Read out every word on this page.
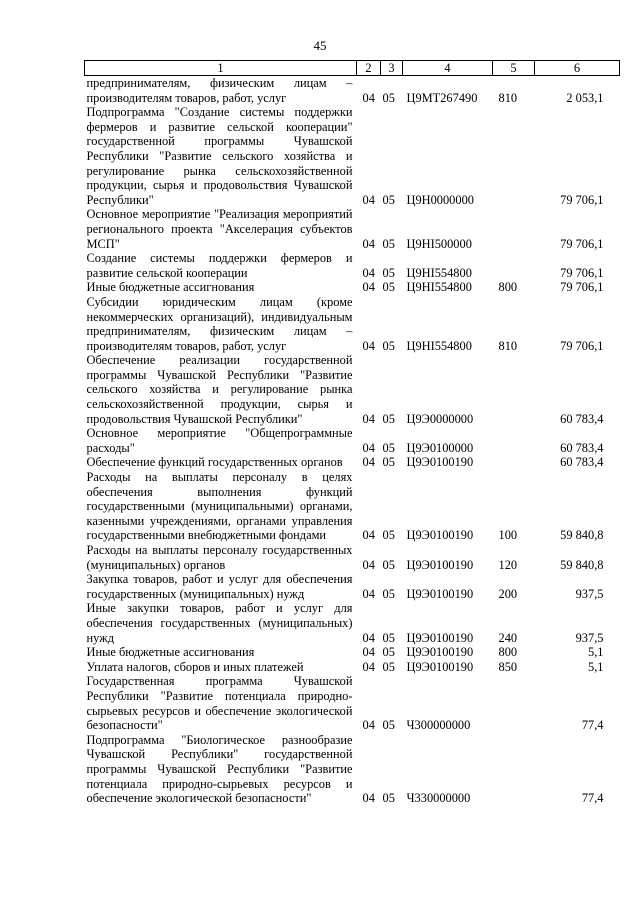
45
1	2	3	4	5	6
предпринимателям, физическим лицам – производителям товаров, работ, услуг	04	05	Ц9МТ267490	810	2 053,1
Подпрограмма "Создание системы поддержки фермеров и развитие сельской кооперации" государственной программы Чувашской Республики "Развитие сельского хозяйства и регулирование рынка сельскохозяйственной продукции, сырья и продовольствия Чувашской Республики"	04	05	Ц9Н0000000		79 706,1
Основное мероприятие "Реализация мероприятий регионального проекта "Акселерация субъектов МСП"	04	05	Ц9НI500000		79 706,1
Создание системы поддержки фермеров и развитие сельской кооперации	04	05	Ц9НI554800		79 706,1
Иные бюджетные ассигнования	04	05	Ц9НI554800	800	79 706,1
Субсидии юридическим лицам (кроме некоммерческих организаций), индивидуальным предпринимателям, физическим лицам – производителям товаров, работ, услуг	04	05	Ц9НI554800	810	79 706,1
Обеспечение реализации государственной программы Чувашской Республики "Развитие сельского хозяйства и регулирование рынка сельскохозяйственной продукции, сырья и продовольствия Чувашской Республики"	04	05	Ц9Э0000000		60 783,4
Основное мероприятие "Общепрограммные расходы"	04	05	Ц9Э0100000		60 783,4
Обеспечение функций государственных органов	04	05	Ц9Э0100190		60 783,4
Расходы на выплаты персоналу в целях обеспечения выполнения функций государственными (муниципальными) органами, казенными учреждениями, органами управления государственными внебюджетными фондами	04	05	Ц9Э0100190	100	59 840,8
Расходы на выплаты персоналу государственных (муниципальных) органов	04	05	Ц9Э0100190	120	59 840,8
Закупка товаров, работ и услуг для обеспечения государственных (муниципальных) нужд	04	05	Ц9Э0100190	200	937,5
Иные закупки товаров, работ и услуг для обеспечения государственных (муниципальных) нужд	04	05	Ц9Э0100190	240	937,5
Иные бюджетные ассигнования	04	05	Ц9Э0100190	800	5,1
Уплата налогов, сборов и иных платежей	04	05	Ц9Э0100190	850	5,1
Государственная программа Чувашской Республики "Развитие потенциала природно-сырьевых ресурсов и обеспечение экологической безопасности"	04	05	Ч300000000		77,4
Подпрограмма "Биологическое разнообразие Чувашской Республики" государственной программы Чувашской Республики "Развитие потенциала природно-сырьевых ресурсов и обеспечение экологической безопасности"	04	05	Ч330000000		77,4
